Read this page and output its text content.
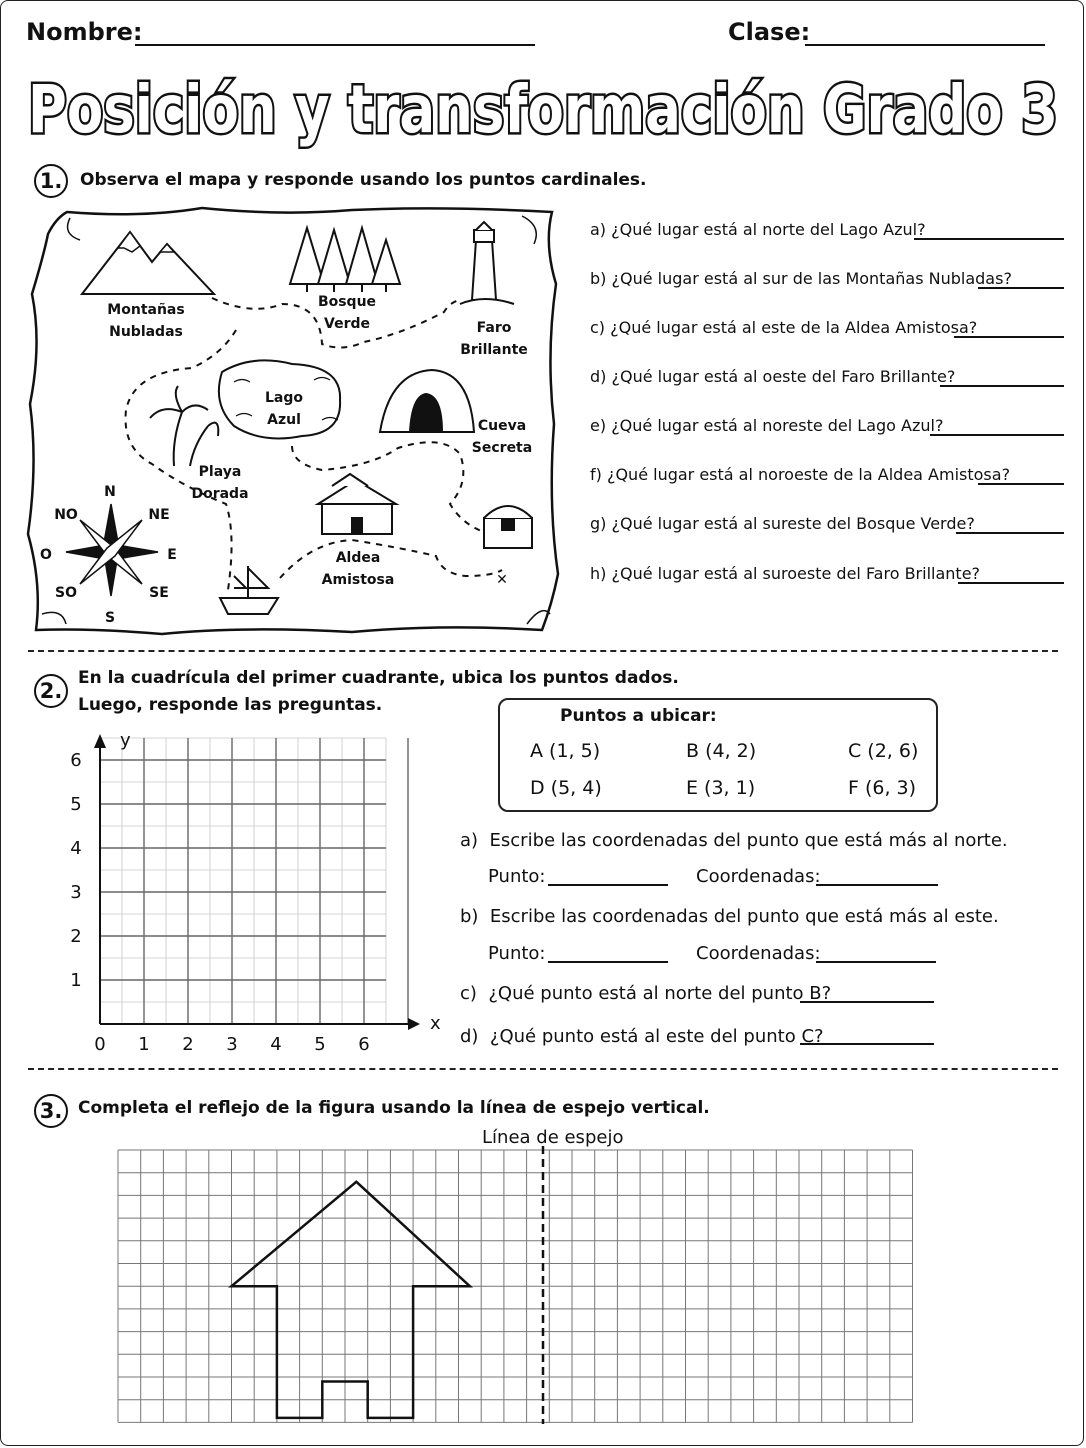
Nombre:	Clase:
Posición y transformación Grado 3
1.	Observa el mapa y responde usando los puntos cardinales.
N
S
E
O
NO	NE
SO	SE
Montañas
Nubladas
Bosque
Verde	Faro
Brillante
Lago
Azul	Cueva
Secreta
Playa
Dorada
Aldea
Amistosa	✕
a) ¿Qué lugar está al norte del Lago Azul?
b) ¿Qué lugar está al sur de las Montañas Nubladas?
c) ¿Qué lugar está al este de la Aldea Amistosa?
d) ¿Qué lugar está al oeste del Faro Brillante?
e) ¿Qué lugar está al noreste del Lago Azul?
f) ¿Qué lugar está al noroeste de la Aldea Amistosa?
g) ¿Qué lugar está al sureste del Bosque Verde?
h) ¿Qué lugar está al suroeste del Faro Brillante?
2.
En la cuadrícula del primer cuadrante, ubica los puntos dados.
Luego, responde las preguntas.
x
y
0 1 2 3 4 5 6
1
2
3
4
5
6
Puntos a ubicar:
A (1, 5)	B (4, 2)	C (2, 6)
D (5, 4)	E (3, 1)	F (6, 3)
a) Escribe las coordenadas del punto que está más al norte.
Punto:	Coordenadas:
b) Escribe las coordenadas del punto que está más al este.
Punto:	Coordenadas:
c) ¿Qué punto está al norte del punto B?
d) ¿Qué punto está al este del punto C?
3. Completa el reflejo de la figura usando la línea de espejo vertical.
Línea de espejo
